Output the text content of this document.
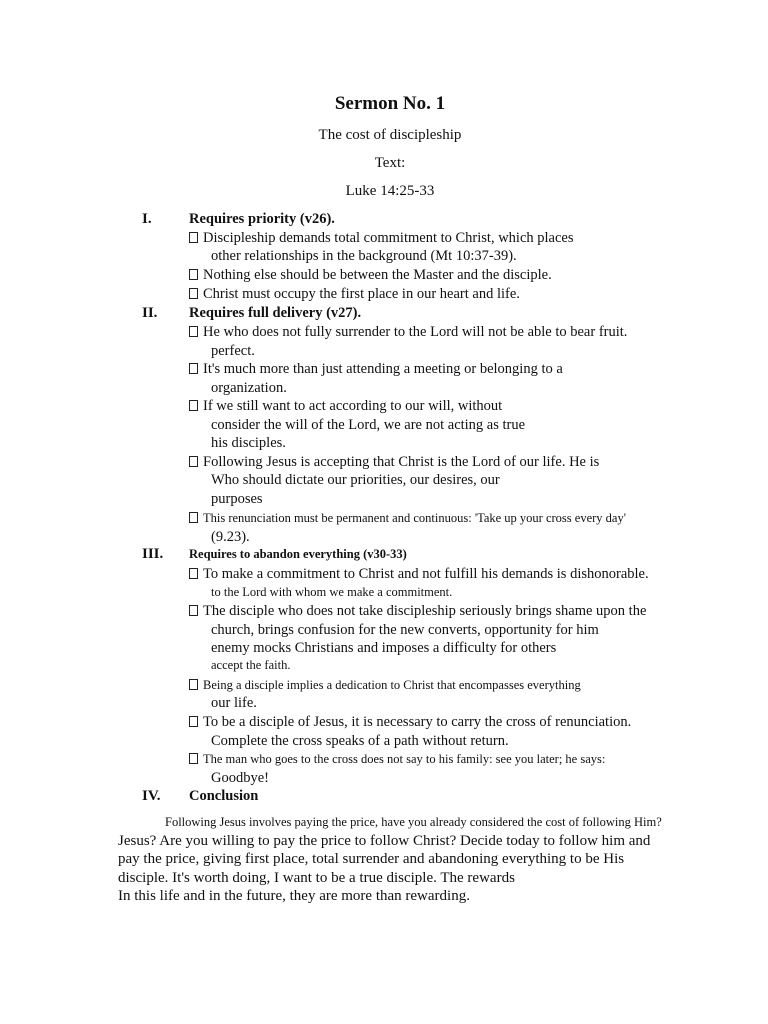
Sermon No. 1
The cost of discipleship
Text:
Luke 14:25-33
I.	Requires priority (v26).
Discipleship demands total commitment to Christ, which places
other relationships in the background (Mt 10:37-39).
Nothing else should be between the Master and the disciple.
Christ must occupy the first place in our heart and life.
II. Requires full delivery (v27).
He who does not fully surrender to the Lord will not be able to bear fruit.
perfect.
It's much more than just attending a meeting or belonging to a
organization.
If we still want to act according to our will, without
consider the will of the Lord, we are not acting as true
his disciples.
Following Jesus is accepting that Christ is the Lord of our life. He is
Who should dictate our priorities, our desires, our
purposes
This renunciation must be permanent and continuous: 'Take up your cross every day'
(9.23).
III. Requires to abandon everything (v30-33)
To make a commitment to Christ and not fulfill his demands is dishonorable.
to the Lord with whom we make a commitment.
The disciple who does not take discipleship seriously brings shame upon the
church, brings confusion for the new converts, opportunity for him
enemy mocks Christians and imposes a difficulty for others
accept the faith.
Being a disciple implies a dedication to Christ that encompasses everything
our life.
To be a disciple of Jesus, it is necessary to carry the cross of renunciation.
Complete the cross speaks of a path without return.
The man who goes to the cross does not say to his family: see you later; he says:
Goodbye!
IV. Conclusion
Following Jesus involves paying the price, have you already considered the cost of following Him?
Jesus? Are you willing to pay the price to follow Christ? Decide today to follow him and
pay the price, giving first place, total surrender and abandoning everything to be His
disciple. It's worth doing, I want to be a true disciple. The rewards
In this life and in the future, they are more than rewarding.
